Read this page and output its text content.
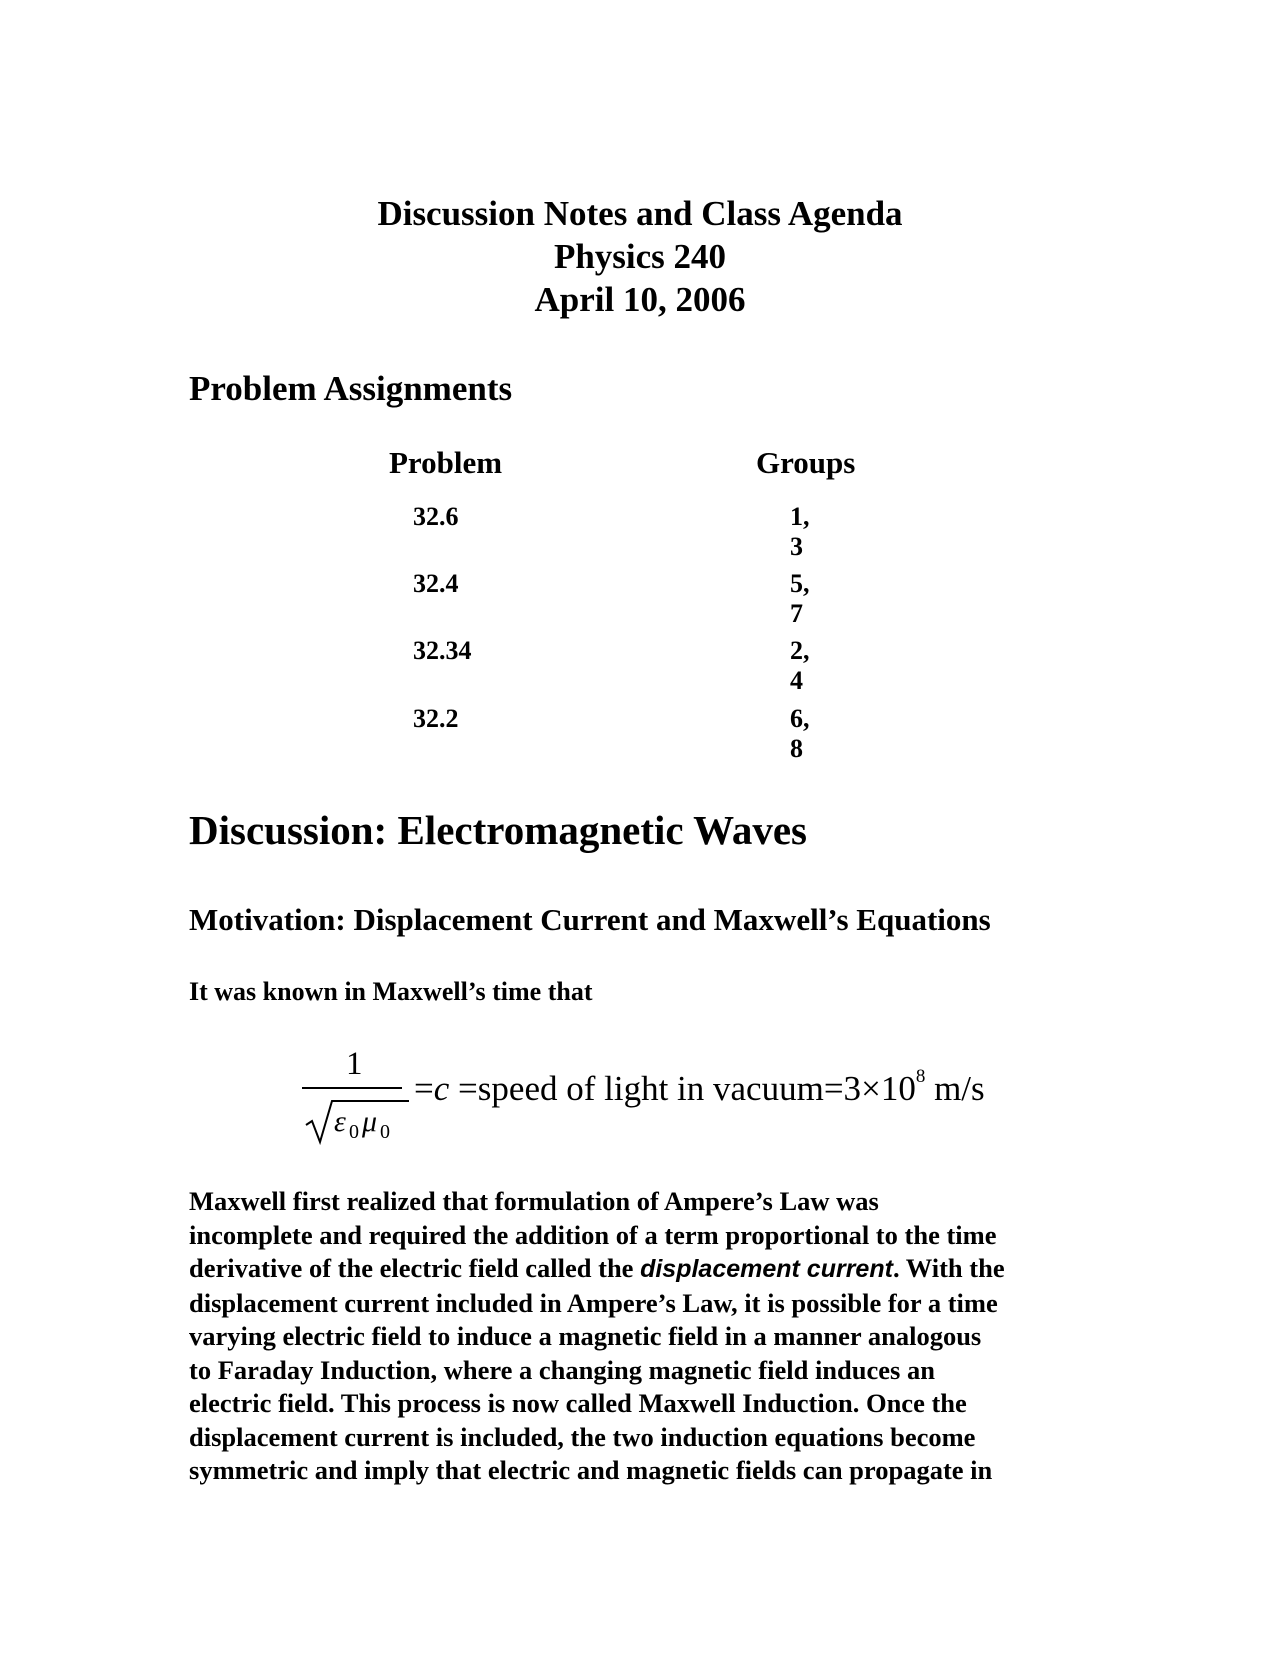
Discussion Notes and Class Agenda
Physics 240
April 10, 2006
Problem Assignments
Problem	Groups
32.6	1, 3
32.4	5, 7
32.34	2, 4
32.2	6, 8
Discussion: Electromagnetic Waves
Motivation: Displacement Current and Maxwell’s Equations
It was known in Maxwell’s time that
1
ε 0 μ 0
=c =speed of light in $vacuum=3\times 10^8$ m/s
Maxwell first realized that formulation of Ampere’s Law was
incomplete and required the addition of a term proportional to the time
derivative of the electric field called the displacement current. With the
displacement current included in Ampere’s Law, it is possible for a time
varying electric field to induce a magnetic field in a manner analogous
to Faraday Induction, where a changing magnetic field induces an
electric field. This process is now called Maxwell Induction. Once the
displacement current is included, the two induction equations become
symmetric and imply that electric and magnetic fields can propagate in
